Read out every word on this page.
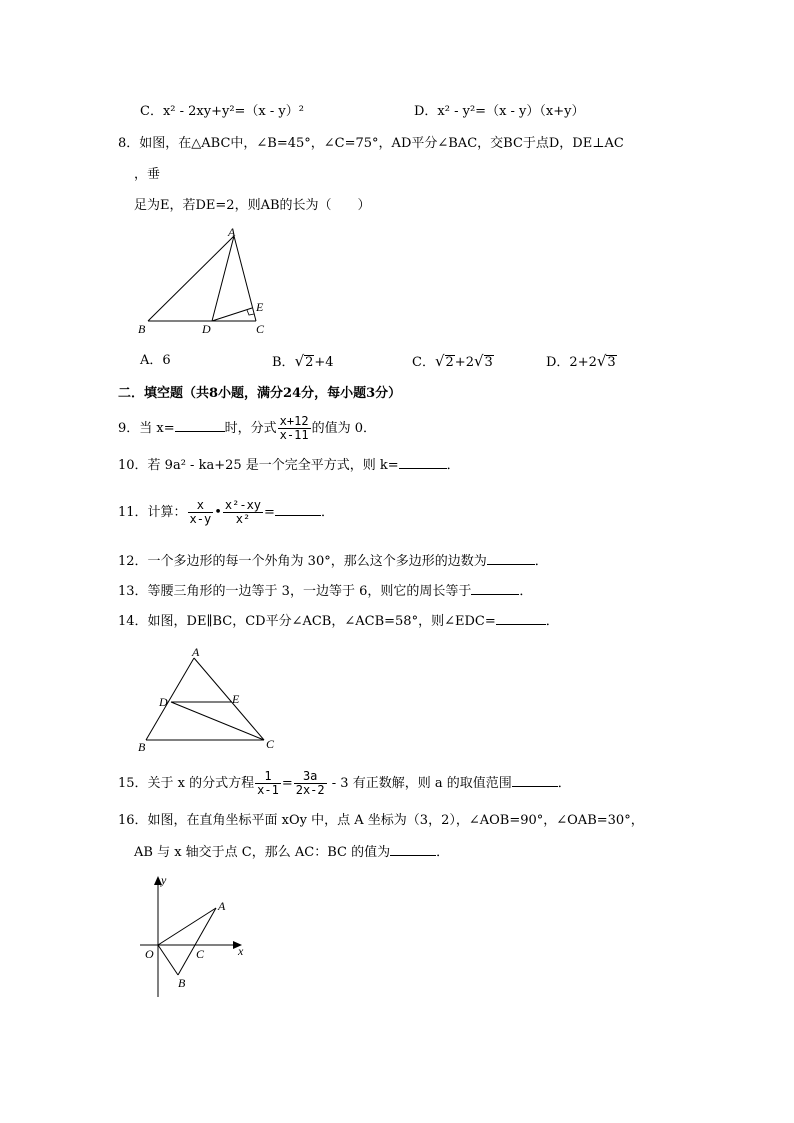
C．x² - 2xy+y²=（x - y）²	D．x² - y²=（x - y）（x+y）
8．如图，在△ABC中，∠B=45°，∠C=75°，AD平分∠BAC，交BC于点D，DE⊥AC
，垂
足为E，若DE=2，则AB的长为（　　）
A
E
B	D	C
A．6	B．√2+4	C．√2+2√3	D．2+2√3
二．填空题（共8小题，满分24分，每小题3分）
9．当 x=	时，分式 $\frac{x+12}{x-11}$ 的值为 0．
10．若 9a² - ka+25 是一个完全平方式，则 k=	．
11．计算： $\frac{x}{x-y}$ • $\frac{\text{x²-xy}}{\text{x²}}$ =	．
12．一个多边形的每一个外角为 30°，那么这个多边形的边数为	．
13．等腰三角形的一边等于 3，一边等于 6，则它的周长等于	．
14．如图，DE∥BC，CD平分∠ACB，∠ACB=58°，则∠EDC=	．
A
D	E
B	C
15．关于 x 的分式方程 $\frac{1}{x-1} = \frac{3a}{2x-2} - 3$ 有正数解，则 a 的取值范围	．
16．如图，在直角坐标平面 xOy 中，点 A 坐标为（3，2），∠AOB=90°，∠OAB=30°，
AB 与 x 轴交于点 C，那么 AC：BC 的值为	．
y
A
O	C	x
B
